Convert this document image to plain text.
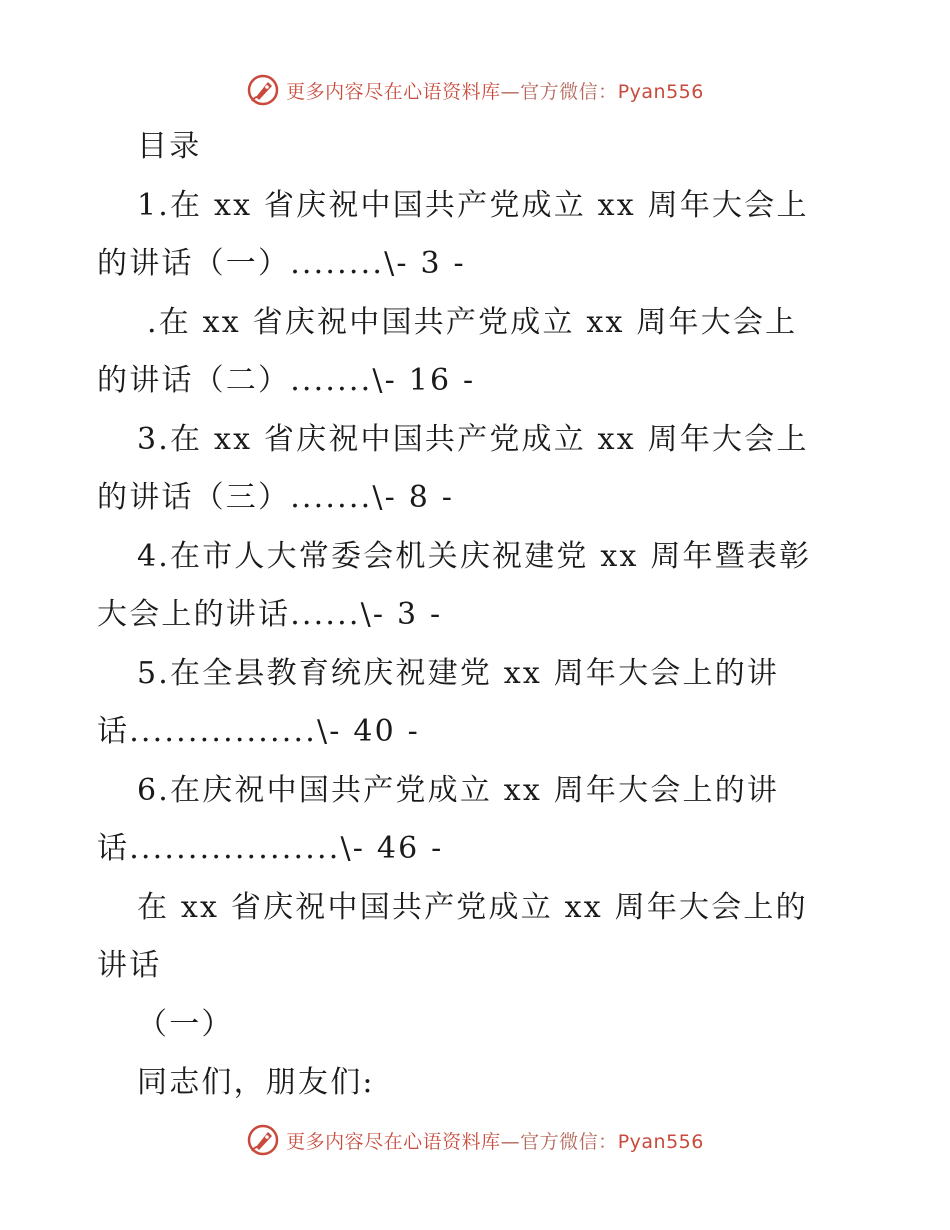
更多内容尽在心语资料库—官方微信：Pyan556
目录
1.在 xx 省庆祝中国共产党成立 xx 周年大会上
的讲话（一）........\- 3 -
.在 xx 省庆祝中国共产党成立 xx 周年大会上
的讲话（二）.......\- 16 -
3.在 xx 省庆祝中国共产党成立 xx 周年大会上
的讲话（三）.......\- 8 -
4.在市人大常委会机关庆祝建党 xx 周年暨表彰
大会上的讲话......\- 3 -
5.在全县教育统庆祝建党 xx 周年大会上的讲
话................\- 40 -
6.在庆祝中国共产党成立 xx 周年大会上的讲
话..................\- 46 -
在 xx 省庆祝中国共产党成立 xx 周年大会上的
讲话
（一）
同志们，朋友们:
更多内容尽在心语资料库—官方微信：Pyan556
